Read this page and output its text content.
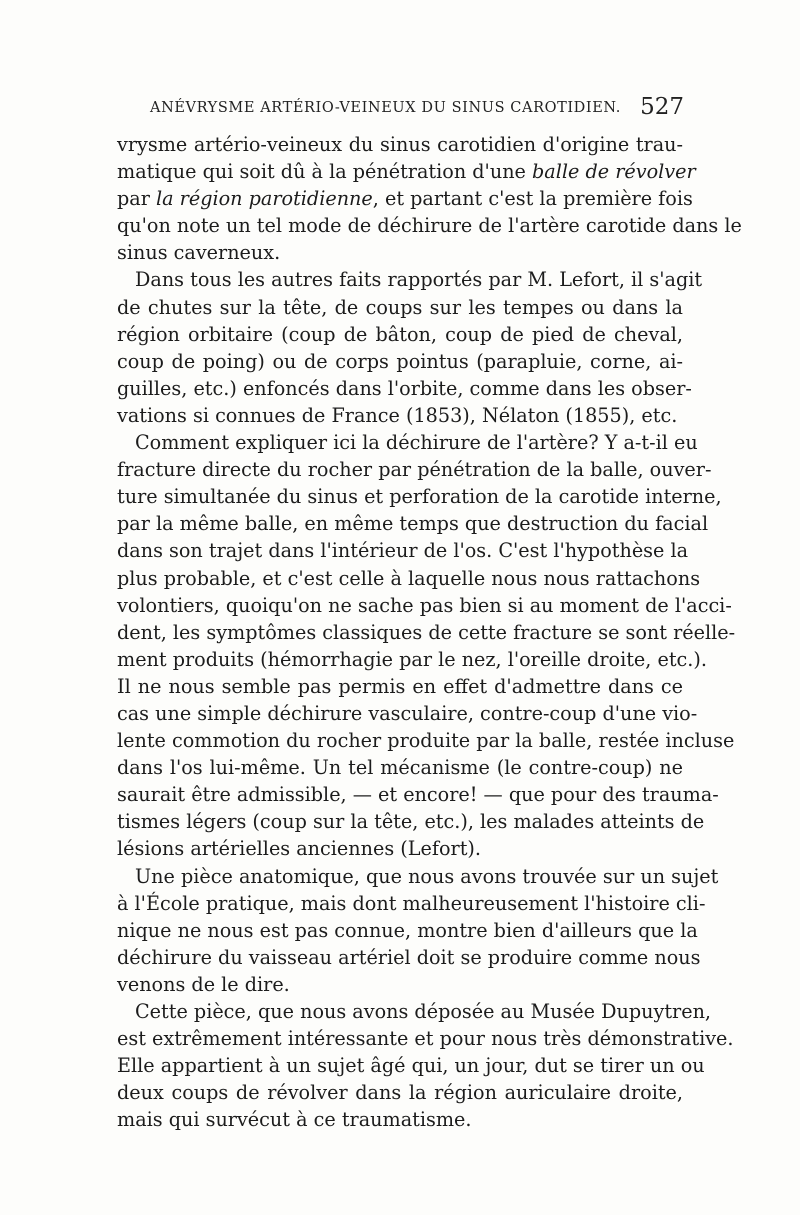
ANÉVRYSME ARTÉRIO-VEINEUX DU SINUS CAROTIDIEN. 527
vrysme artério-veineux du sinus carotidien d'origine trau-
matique qui soit dû à la pénétration d'une balle de révolver
par la région parotidienne, et partant c'est la première fois
qu'on note un tel mode de déchirure de l'artère carotide dans le
sinus caverneux.
Dans tous les autres faits rapportés par M. Lefort, il s'agit
de chutes sur la tête, de coups sur les tempes ou dans la
région orbitaire (coup de bâton, coup de pied de cheval,
coup de poing) ou de corps pointus (parapluie, corne, ai-
guilles, etc.) enfoncés dans l'orbite, comme dans les obser-
vations si connues de France (1853), Nélaton (1855), etc.
Comment expliquer ici la déchirure de l'artère? Y a-t-il eu
fracture directe du rocher par pénétration de la balle, ouver-
ture simultanée du sinus et perforation de la carotide interne,
par la même balle, en même temps que destruction du facial
dans son trajet dans l'intérieur de l'os. C'est l'hypothèse la
plus probable, et c'est celle à laquelle nous nous rattachons
volontiers, quoiqu'on ne sache pas bien si au moment de l'acci-
dent, les symptômes classiques de cette fracture se sont réelle-
ment produits (hémorrhagie par le nez, l'oreille droite, etc.).
Il ne nous semble pas permis en effet d'admettre dans ce
cas une simple déchirure vasculaire, contre-coup d'une vio-
lente commotion du rocher produite par la balle, restée incluse
dans l'os lui-même. Un tel mécanisme (le contre-coup) ne
saurait être admissible, — et encore! — que pour des trauma-
tismes légers (coup sur la tête, etc.), les malades atteints de
lésions artérielles anciennes (Lefort).
Une pièce anatomique, que nous avons trouvée sur un sujet
à l'École pratique, mais dont malheureusement l'histoire cli-
nique ne nous est pas connue, montre bien d'ailleurs que la
déchirure du vaisseau artériel doit se produire comme nous
venons de le dire.
Cette pièce, que nous avons déposée au Musée Dupuytren,
est extrêmement intéressante et pour nous très démonstrative.
Elle appartient à un sujet âgé qui, un jour, dut se tirer un ou
deux coups de révolver dans la région auriculaire droite,
mais qui survécut à ce traumatisme.
